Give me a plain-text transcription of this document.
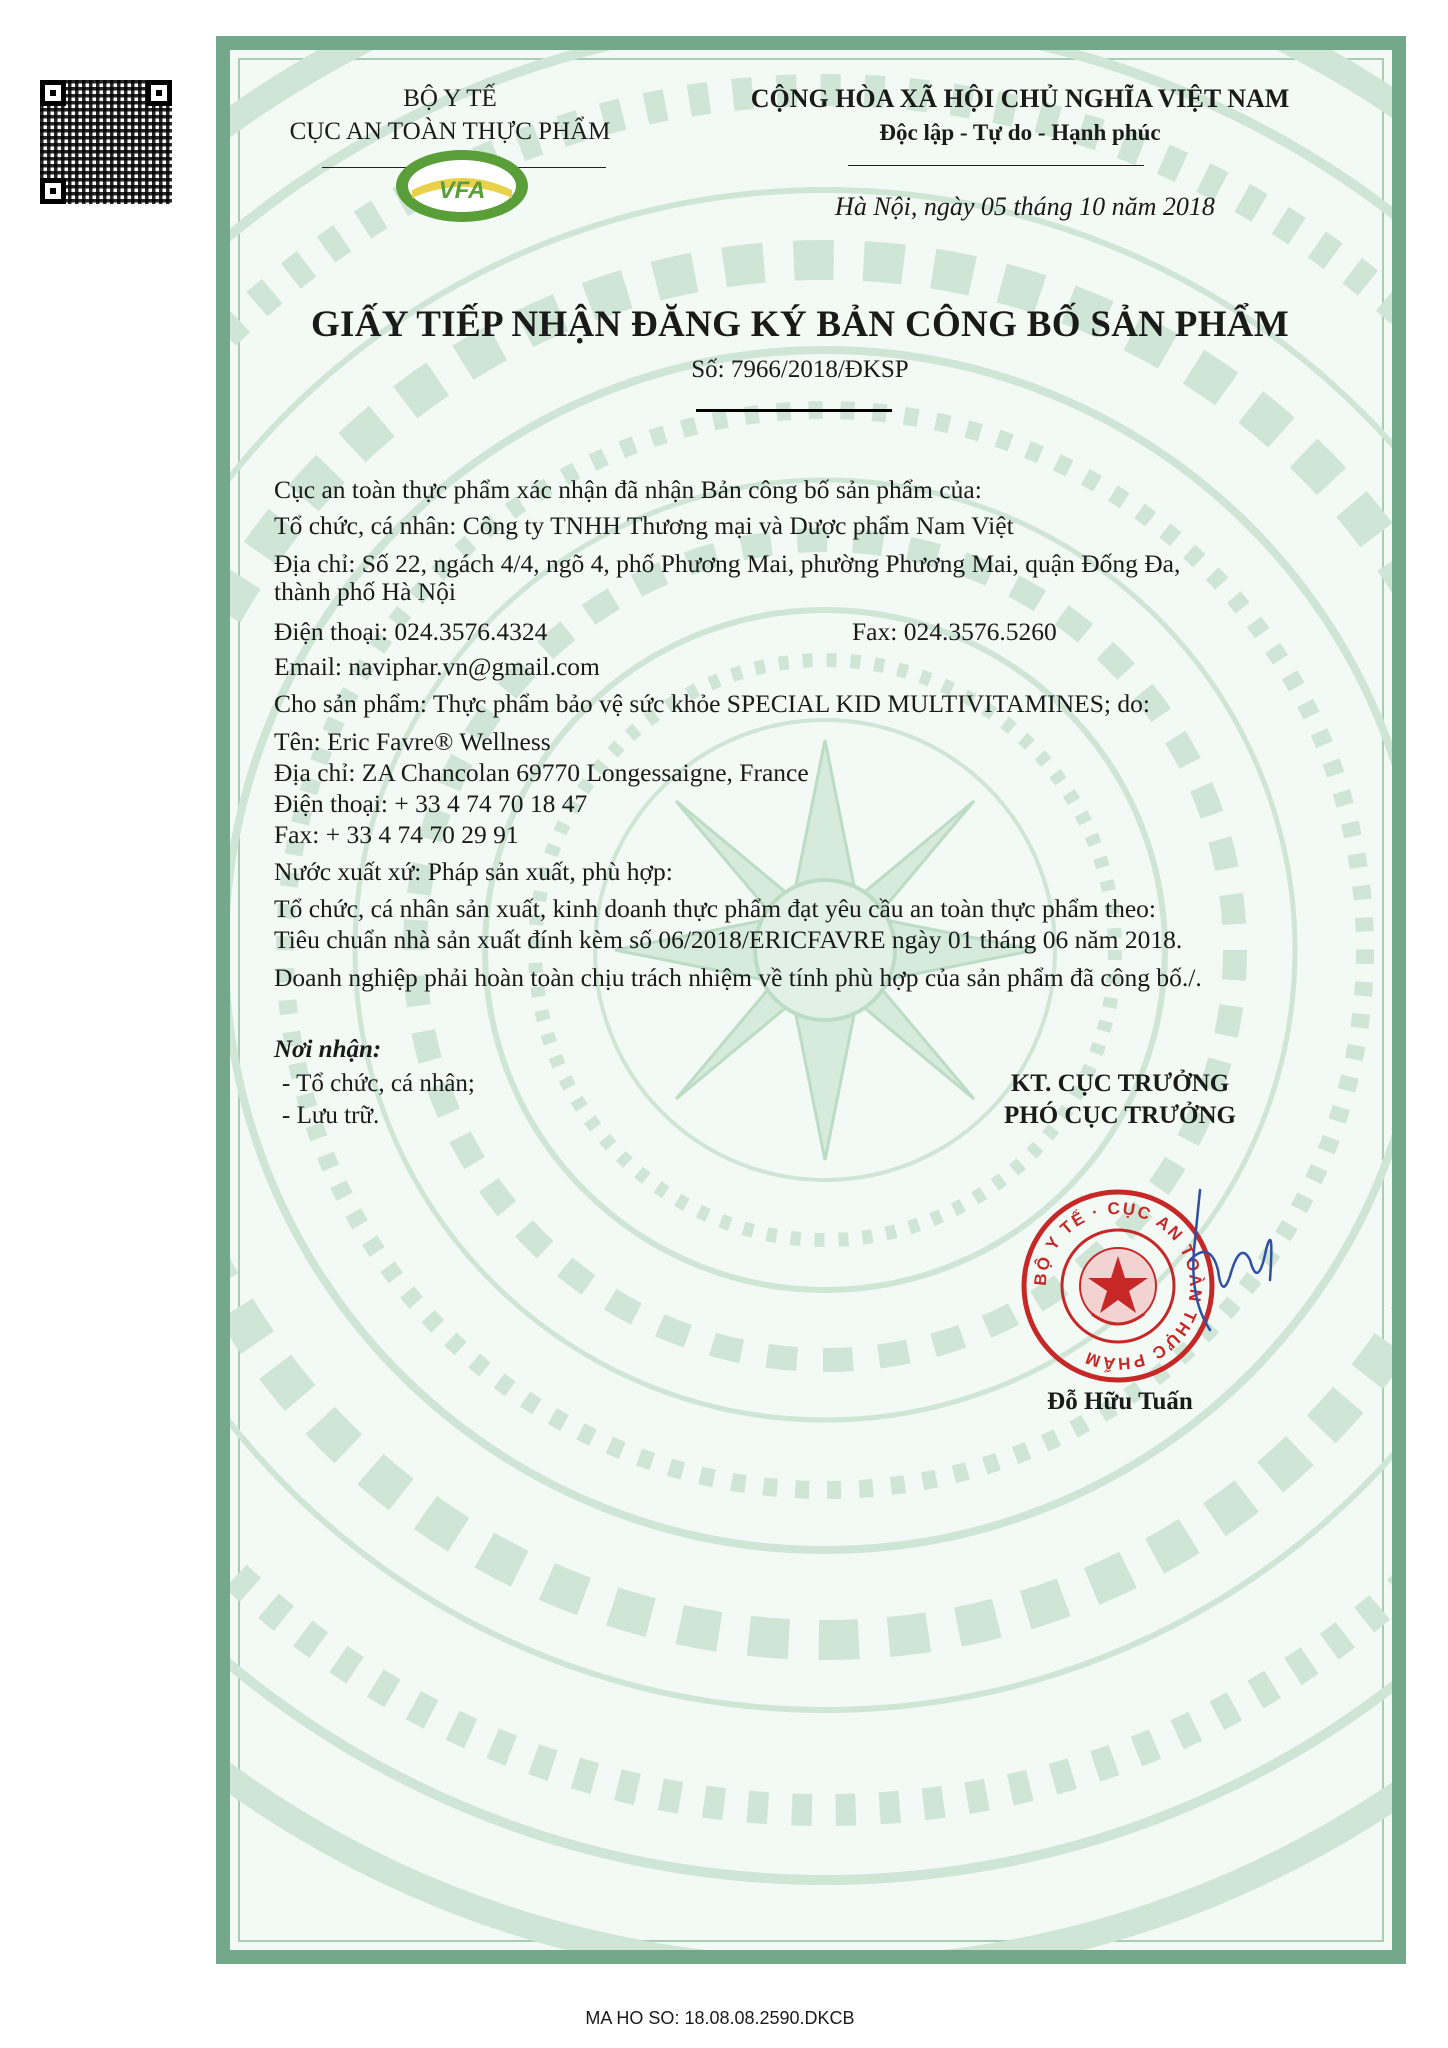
BỘ Y TẾ
CỤC AN TOÀN THỰC PHẨM
VFA
CỘNG HÒA XÃ HỘI CHỦ NGHĨA VIỆT NAM
Độc lập - Tự do - Hạnh phúc
Hà Nội, ngày 05 tháng 10 năm 2018
GIẤY TIẾP NHẬN ĐĂNG KÝ BẢN CÔNG BỐ SẢN PHẨM
Số: 7966/2018/ĐKSP
Cục an toàn thực phẩm xác nhận đã nhận Bản công bố sản phẩm của:
Tổ chức, cá nhân: Công ty TNHH Thương mại và Dược phẩm Nam Việt
Địa chỉ: Số 22, ngách 4/4, ngõ 4, phố Phương Mai, phường Phương Mai, quận Đống Đa,
thành phố Hà Nội
Điện thoại: 024.3576.4324	Fax: 024.3576.5260
Email: naviphar.vn@gmail.com
Cho sản phẩm: Thực phẩm bảo vệ sức khỏe SPECIAL KID MULTIVITAMINES; do:
Tên: Eric Favre® Wellness
Địa chỉ: ZA Chancolan 69770 Longessaigne, France
Điện thoại: + 33 4 74 70 18 47
Fax: + 33 4 74 70 29 91
Nước xuất xứ: Pháp sản xuất, phù hợp:
Tổ chức, cá nhân sản xuất, kinh doanh thực phẩm đạt yêu cầu an toàn thực phẩm theo:
Tiêu chuẩn nhà sản xuất đính kèm số 06/2018/ERICFAVRE ngày 01 tháng 06 năm 2018.
Doanh nghiệp phải hoàn toàn chịu trách nhiệm về tính phù hợp của sản phẩm đã công bố./.
Nơi nhận:
- Tổ chức, cá nhân;
- Lưu trữ.
KT. CỤC TRƯỞNG
PHÓ CỤC TRƯỞNG
BỘ Y TẾ · CỤC AN TOÀN THỰC PHẨM
Đỗ Hữu Tuấn
MA HO SO: 18.08.08.2590.DKCB
